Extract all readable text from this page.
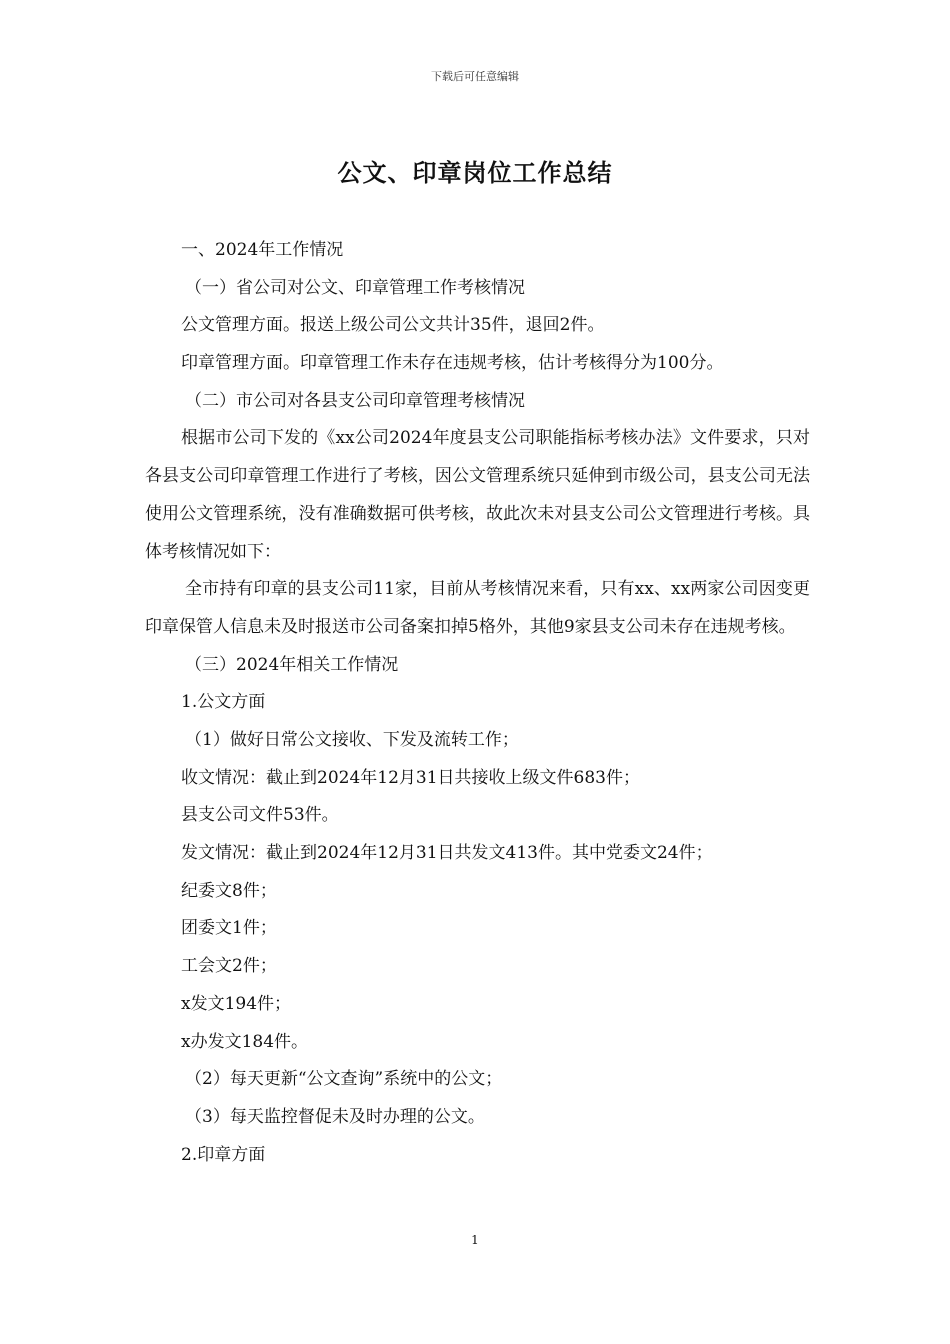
下载后可任意编辑
公文、印章岗位工作总结
一、2024年工作情况
（一）省公司对公文、印章管理工作考核情况
公文管理方面。报送上级公司公文共计35件，退回2件。
印章管理方面。印章管理工作未存在违规考核，估计考核得分为100分。
（二）市公司对各县支公司印章管理考核情况
根据市公司下发的《xx公司2024年度县支公司职能指标考核办法》文件要求，只对各县支公司印章管理工作进行了考核，因公文管理系统只延伸到市级公司，县支公司无法使用公文管理系统，没有准确数据可供考核，故此次未对县支公司公文管理进行考核。具体考核情况如下：
全市持有印章的县支公司11家，目前从考核情况来看，只有xx、xx两家公司因变更印章保管人信息未及时报送市公司备案扣掉5格外，其他9家县支公司未存在违规考核。
（三）2024年相关工作情况
1.公文方面
（1）做好日常公文接收、下发及流转工作；
收文情况：截止到2024年12月31日共接收上级文件683件；
县支公司文件53件。
发文情况：截止到2024年12月31日共发文413件。其中党委文24件；
纪委文8件；
团委文1件；
工会文2件；
x发文194件；
x办发文184件。
（2）每天更新“公文查询”系统中的公文；
（3）每天监控督促未及时办理的公文。
2.印章方面
1
